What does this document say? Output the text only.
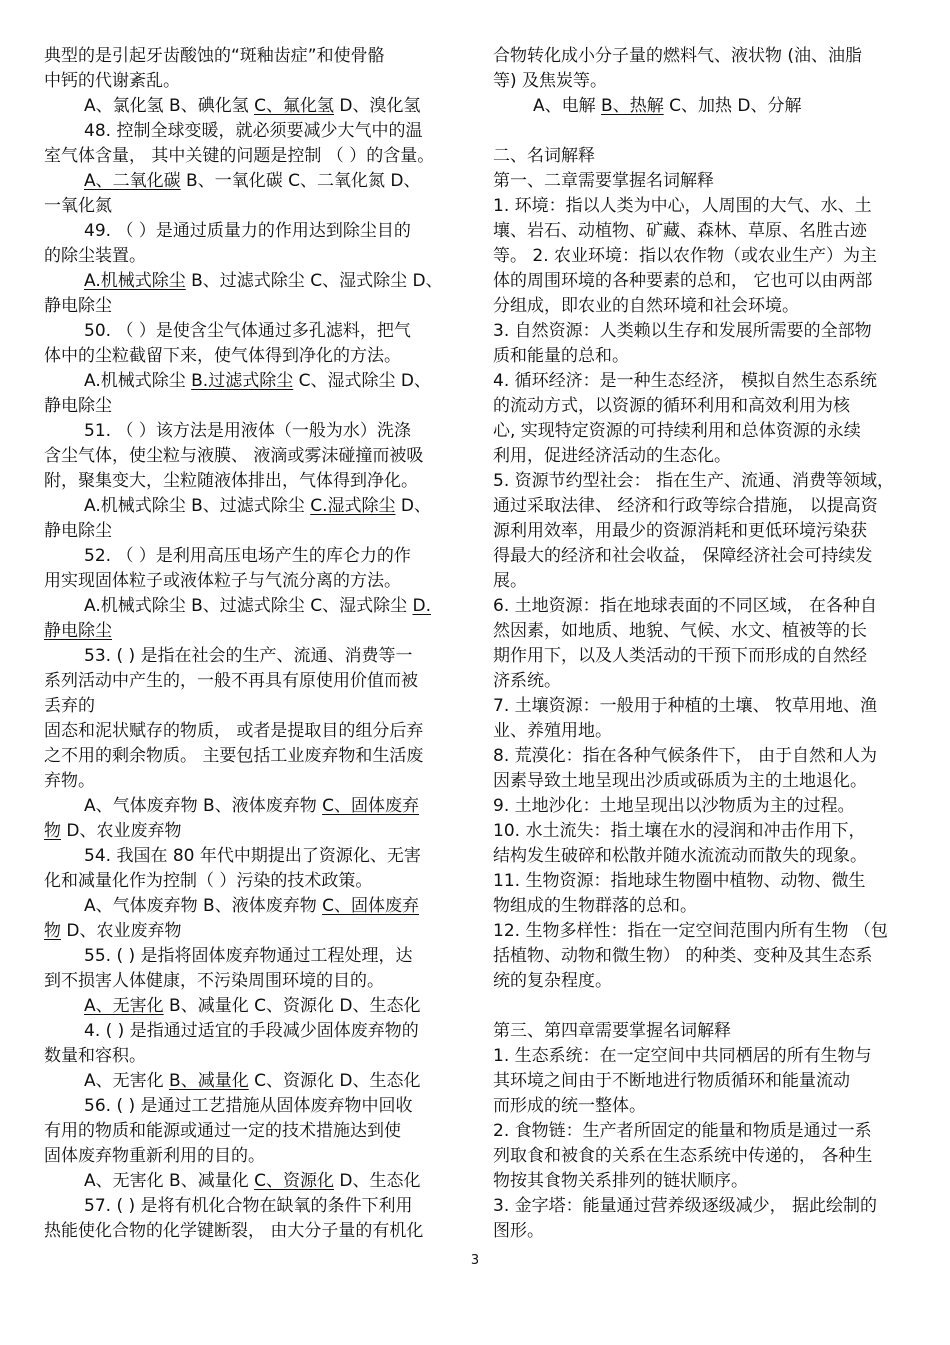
典型的是引起牙齿酸蚀的“斑釉齿症”和使骨骼
中钙的代谢紊乱。
A、氯化氢 B、碘化氢 C、氟化氢 D、溴化氢
48. 控制全球变暖，就必须要减少大气中的温
室气体含量， 其中关键的问题是控制 （ ）的含量。
A、二氧化碳 B、一氧化碳 C、二氧化氮 D、
一氧化氮
49. （ ）是通过质量力的作用达到除尘目的
的除尘装置。
A.机械式除尘 B、过滤式除尘 C、湿式除尘 D、
静电除尘
50. （ ）是使含尘气体通过多孔滤料，把气
体中的尘粒截留下来，使气体得到净化的方法。
A.机械式除尘 B.过滤式除尘 C、湿式除尘 D、
静电除尘
51. （ ）该方法是用液体（一般为水）洗涤
含尘气体，使尘粒与液膜、 液滴或雾沫碰撞而被吸
附，聚集变大，尘粒随液体排出，气体得到净化。
A.机械式除尘 B、过滤式除尘 C.湿式除尘 D、
静电除尘
52. （ ）是利用高压电场产生的库仑力的作
用实现固体粒子或液体粒子与气流分离的方法。
A.机械式除尘 B、过滤式除尘 C、湿式除尘 D.
静电除尘
53. ( ) 是指在社会的生产、流通、消费等一
系列活动中产生的，一般不再具有原使用价值而被
丢弃的
固态和泥状赋存的物质， 或者是提取目的组分后弃
之不用的剩余物质。 主要包括工业废弃物和生活废
弃物。
A、气体废弃物 B、液体废弃物 C、固体废弃
物 D、农业废弃物
54. 我国在 80 年代中期提出了资源化、无害
化和减量化作为控制（ ）污染的技术政策。
A、气体废弃物 B、液体废弃物 C、固体废弃
物 D、农业废弃物
55. ( ) 是指将固体废弃物通过工程处理，达
到不损害人体健康，不污染周围环境的目的。
A、无害化 B、减量化 C、资源化 D、生态化
4. ( ) 是指通过适宜的手段减少固体废弃物的
数量和容积。
A、无害化 B、减量化 C、资源化 D、生态化
56. ( ) 是通过工艺措施从固体废弃物中回收
有用的物质和能源或通过一定的技术措施达到使
固体废弃物重新利用的目的。
A、无害化 B、减量化 C、资源化 D、生态化
57. ( ) 是将有机化合物在缺氧的条件下利用
热能使化合物的化学键断裂， 由大分子量的有机化
合物转化成小分子量的燃料气、液状物 (油、油脂
等) 及焦炭等。
A、电解 B、热解 C、加热 D、分解
二、名词解释
第一、二章需要掌握名词解释
1. 环境：指以人类为中心，人周围的大气、水、土
壤、岩石、动植物、矿藏、森林、草原、名胜古迹
等。 2. 农业环境：指以农作物（或农业生产）为主
体的周围环境的各种要素的总和， 它也可以由两部
分组成，即农业的自然环境和社会环境。
3. 自然资源：人类赖以生存和发展所需要的全部物
质和能量的总和。
4. 循环经济：是一种生态经济， 模拟自然生态系统
的流动方式，以资源的循环利用和高效利用为核
心, 实现特定资源的可持续利用和总体资源的永续
利用，促进经济活动的生态化。
5. 资源节约型社会： 指在生产、流通、消费等领域，
通过采取法律、 经济和行政等综合措施， 以提高资
源利用效率，用最少的资源消耗和更低环境污染获
得最大的经济和社会收益， 保障经济社会可持续发
展。
6. 土地资源：指在地球表面的不同区域， 在各种自
然因素，如地质、地貌、气候、水文、植被等的长
期作用下，以及人类活动的干预下而形成的自然经
济系统。
7. 土壤资源：一般用于种植的土壤、 牧草用地、渔
业、养殖用地。
8. 荒漠化：指在各种气候条件下， 由于自然和人为
因素导致土地呈现出沙质或砾质为主的土地退化。
9. 土地沙化：土地呈现出以沙物质为主的过程。
10. 水土流失：指土壤在水的浸润和冲击作用下，
结构发生破碎和松散并随水流流动而散失的现象。
11. 生物资源：指地球生物圈中植物、动物、微生
物组成的生物群落的总和。
12. 生物多样性：指在一定空间范围内所有生物 （包
括植物、动物和微生物） 的种类、变种及其生态系
统的复杂程度。
第三、第四章需要掌握名词解释
1. 生态系统：在一定空间中共同栖居的所有生物与
其环境之间由于不断地进行物质循环和能量流动
而形成的统一整体。
2. 食物链：生产者所固定的能量和物质是通过一系
列取食和被食的关系在生态系统中传递的， 各种生
物按其食物关系排列的链状顺序。
3. 金字塔：能量通过营养级逐级减少， 据此绘制的
图形。
3
